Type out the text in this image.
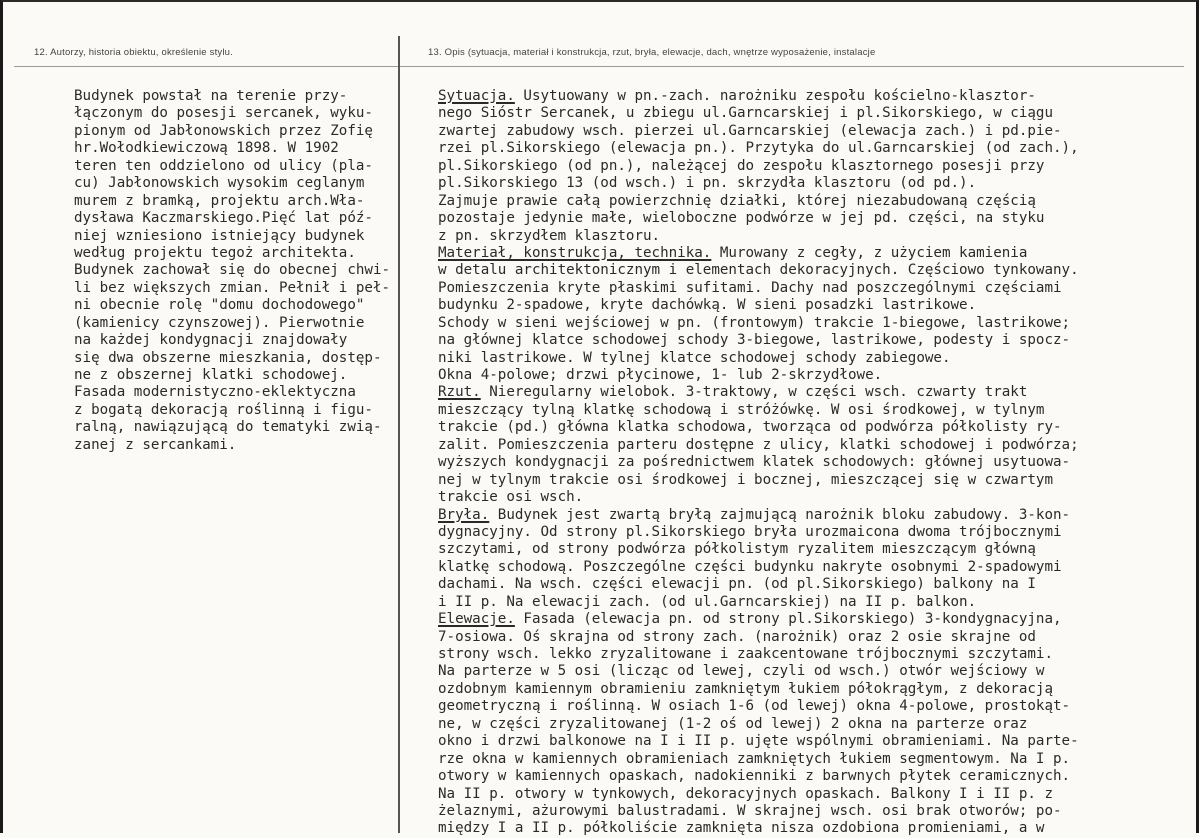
12. Autorzy, historia obiektu, określenie stylu.	13. Opis (sytuacja, materiał i konstrukcja, rzut, bryła, elewacje, dach, wnętrze wyposażenie, instalacje
Budynek powstał na terenie przy-
łączonym do posesji sercanek, wyku-
pionym od Jabłonowskich przez Zofię
hr.Wołodkiewiczową 1898. W 1902
teren ten oddzielono od ulicy (pla-
cu) Jabłonowskich wysokim ceglanym
murem z bramką, projektu arch.Wła-
dysława Kaczmarskiego.Pięć lat póź-
niej wzniesiono istniejący budynek
według projektu tegoż architekta.
Budynek zachował się do obecnej chwi-
li bez większych zmian. Pełnił i peł-
ni obecnie rolę "domu dochodowego"
(kamienicy czynszowej). Pierwotnie
na każdej kondygnacji znajdowały
się dwa obszerne mieszkania, dostęp-
ne z obszernej klatki schodowej.
Fasada modernistyczno-eklektyczna
z bogatą dekoracją roślinną i figu-
ralną, nawiązującą do tematyki zwią-
zanej z sercankami.
Sytuacja. Usytuowany w pn.-zach. narożniku zespołu kościelno-klasztor-
nego Sióstr Sercanek, u zbiegu ul.Garncarskiej i pl.Sikorskiego, w ciągu
zwartej zabudowy wsch. pierzei ul.Garncarskiej (elewacja zach.) i pd.pie-
rzei pl.Sikorskiego (elewacja pn.). Przytyka do ul.Garncarskiej (od zach.),
pl.Sikorskiego (od pn.), należącej do zespołu klasztornego posesji przy
pl.Sikorskiego 13 (od wsch.) i pn. skrzydła klasztoru (od pd.).
Zajmuje prawie całą powierzchnię działki, której niezabudowaną częścią
pozostaje jedynie małe, wieloboczne podwórze w jej pd. części, na styku
z pn. skrzydłem klasztoru.
Materiał, konstrukcja, technika. Murowany z cegły, z użyciem kamienia
w detalu architektonicznym i elementach dekoracyjnych. Częściowo tynkowany.
Pomieszczenia kryte płaskimi sufitami. Dachy nad poszczególnymi częściami
budynku 2-spadowe, kryte dachówką. W sieni posadzki lastrikowe.
Schody w sieni wejściowej w pn. (frontowym) trakcie 1-biegowe, lastrikowe;
na głównej klatce schodowej schody 3-biegowe, lastrikowe, podesty i spocz-
niki lastrikowe. W tylnej klatce schodowej schody zabiegowe.
Okna 4-polowe; drzwi płycinowe, 1- lub 2-skrzydłowe.
Rzut. Nieregularny wielobok. 3-traktowy, w części wsch. czwarty trakt
mieszczący tylną klatkę schodową i stróżówkę. W osi środkowej, w tylnym
trakcie (pd.) główna klatka schodowa, tworząca od podwórza półkolisty ry-
zalit. Pomieszczenia parteru dostępne z ulicy, klatki schodowej i podwórza;
wyższych kondygnacji za pośrednictwem klatek schodowych: głównej usytuowa-
nej w tylnym trakcie osi środkowej i bocznej, mieszczącej się w czwartym
trakcie osi wsch.
Bryła. Budynek jest zwartą bryłą zajmującą narożnik bloku zabudowy. 3-kon-
dygnacyjny. Od strony pl.Sikorskiego bryła urozmaicona dwoma trójbocznymi
szczytami, od strony podwórza półkolistym ryzalitem mieszczącym główną
klatkę schodową. Poszczególne części budynku nakryte osobnymi 2-spadowymi
dachami. Na wsch. części elewacji pn. (od pl.Sikorskiego) balkony na I
i II p. Na elewacji zach. (od ul.Garncarskiej) na II p. balkon.
Elewacje. Fasada (elewacja pn. od strony pl.Sikorskiego) 3-kondygnacyjna,
7-osiowa. Oś skrajna od strony zach. (narożnik) oraz 2 osie skrajne od
strony wsch. lekko zryzalitowane i zaakcentowane trójbocznymi szczytami.
Na parterze w 5 osi (licząc od lewej, czyli od wsch.) otwór wejściowy w
ozdobnym kamiennym obramieniu zamkniętym łukiem półokrągłym, z dekoracją
geometryczną i roślinną. W osiach 1-6 (od lewej) okna 4-polowe, prostokąt-
ne, w części zryzalitowanej (1-2 oś od lewej) 2 okna na parterze oraz
okno i drzwi balkonowe na I i II p. ujęte wspólnymi obramieniami. Na parte-
rze okna w kamiennych obramieniach zamkniętych łukiem segmentowym. Na I p.
otwory w kamiennych opaskach, nadokienniki z barwnych płytek ceramicznych.
Na II p. otwory w tynkowych, dekoracyjnych opaskach. Balkony I i II p. z
żelaznymi, ażurowymi balustradami. W skrajnej wsch. osi brak otworów; po-
między I a II p. półkoliście zamknięta nisza ozdobiona promieniami, a w
